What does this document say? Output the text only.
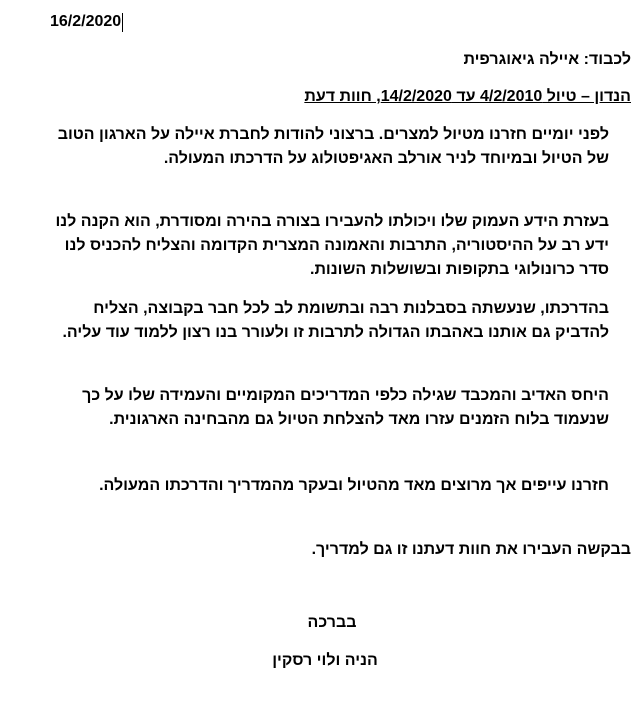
16/2/2020
לכבוד: איילה גיאוגרפית
הנדון – טיול 4/2/2010 עד 14/2/2020, חוות דעת
לפני יומיים חזרנו מטיול למצרים. ברצוני להודות לחברת איילה על הארגון הטוב של הטיול ובמיוחד לניר אורלב האגיפטולוג על הדרכתו המעולה.
בעזרת הידע העמוק שלו ויכולתו להעבירו בצורה בהירה ומסודרת, הוא הקנה לנו ידע רב על ההיסטוריה, התרבות והאמונה המצרית הקדומה והצליח להכניס לנו סדר כרונולוגי בתקופות ובשושלות השונות.
בהדרכתו, שנעשתה בסבלנות רבה ובתשומת לב לכל חבר בקבוצה, הצליח להדביק גם אותנו באהבתו הגדולה לתרבות זו ולעורר בנו רצון ללמוד עוד עליה.
היחס האדיב והמכבד שגילה כלפי המדריכים המקומיים והעמידה שלו על כך שנעמוד בלוח הזמנים עזרו מאד להצלחת הטיול גם מהבחינה הארגונית.
חזרנו עייפים אך מרוצים מאד מהטיול ובעקר מהמדריך והדרכתו המעולה.
בבקשה העבירו את חוות דעתנו זו גם למדריך.
בברכה
הניה ולוי רסקין
